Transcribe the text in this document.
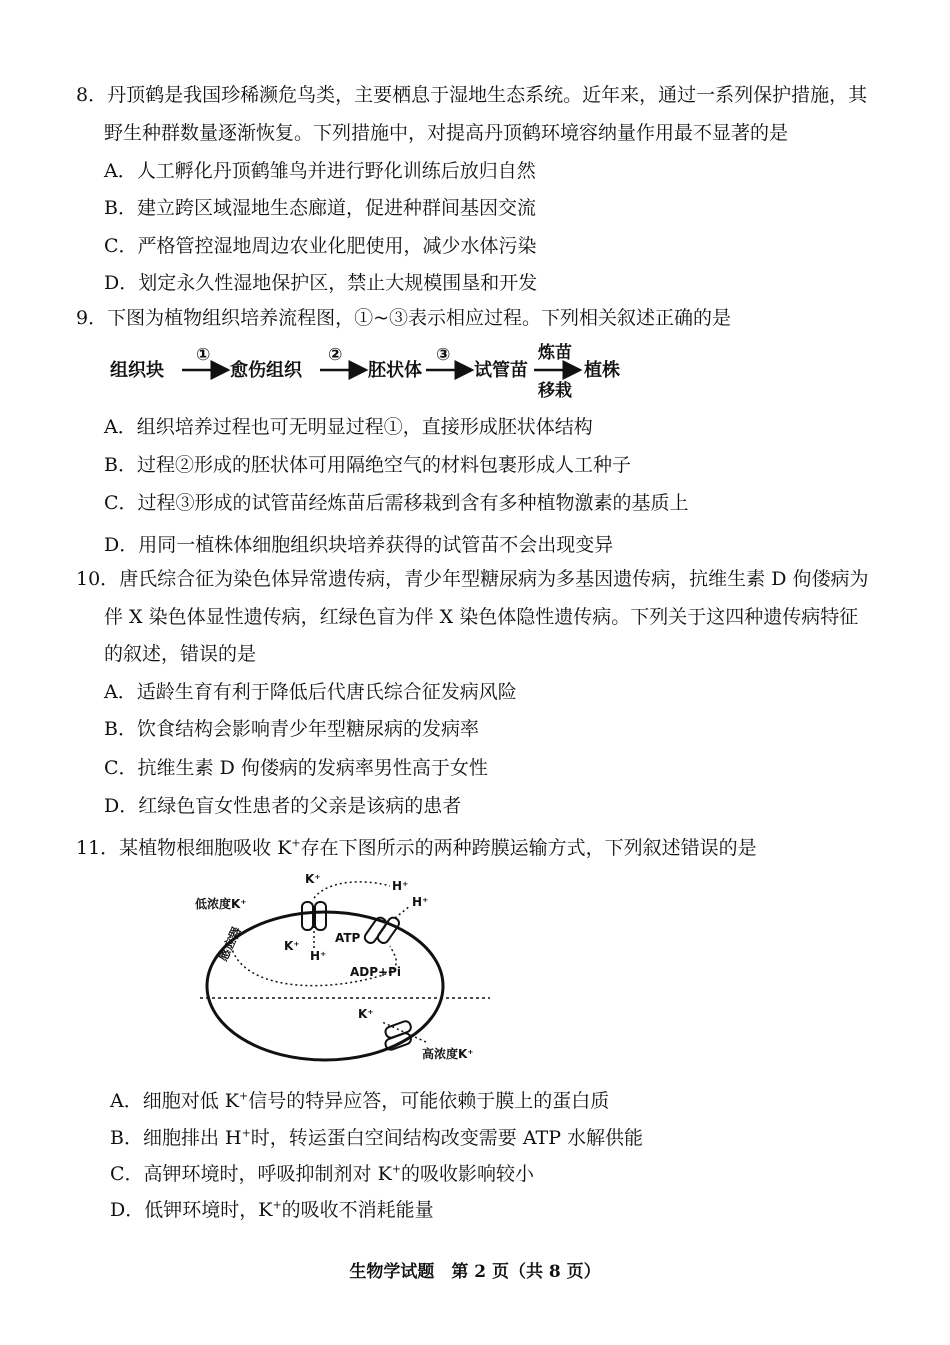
8．丹顶鹤是我国珍稀濒危鸟类，主要栖息于湿地生态系统。近年来，通过一系列保护措施，其
野生种群数量逐渐恢复。下列措施中，对提高丹顶鹤环境容纳量作用最不显著的是
A．人工孵化丹顶鹤雏鸟并进行野化训练后放归自然
B．建立跨区域湿地生态廊道，促进种群间基因交流
C．严格管控湿地周边农业化肥使用，减少水体污染
D．划定永久性湿地保护区，禁止大规模围垦和开发
9．下图为植物组织培养流程图，①~③表示相应过程。下列相关叙述正确的是
组织块
①
愈伤组织
②
胚状体
③
试管苗
炼苗
移栽
植株
A．组织培养过程也可无明显过程①，直接形成胚状体结构
B．过程②形成的胚状体可用隔绝空气的材料包裹形成人工种子
C．过程③形成的试管苗经炼苗后需移栽到含有多种植物激素的基质上
D．用同一植株体细胞组织块培养获得的试管苗不会出现变异
10．唐氏综合征为染色体异常遗传病，青少年型糖尿病为多基因遗传病，抗维生素 D 佝偻病为
伴 X 染色体显性遗传病，红绿色盲为伴 X 染色体隐性遗传病。下列关于这四种遗传病特征
的叙述，错误的是
A．适龄生育有利于降低后代唐氏综合征发病风险
B．饮食结构会影响青少年型糖尿病的发病率
C．抗维生素 D 佝偻病的发病率男性高于女性
D．红绿色盲女性患者的父亲是该病的患者
11．某植物根细胞吸收 K+存在下图所示的两种跨膜运输方式，下列叙述错误的是
低浓度K⁺
K⁺	H⁺
H⁺
K⁺
H⁺
ATP
ADP+Pi
K⁺
高浓度K⁺
感应器
A．细胞对低 K+信号的特异应答，可能依赖于膜上的蛋白质
B．细胞排出 H+时，转运蛋白空间结构改变需要 ATP 水解供能
C．高钾环境时，呼吸抑制剂对 K+的吸收影响较小
D．低钾环境时，K+的吸收不消耗能量
生物学试题　第 2 页（共 8 页）
